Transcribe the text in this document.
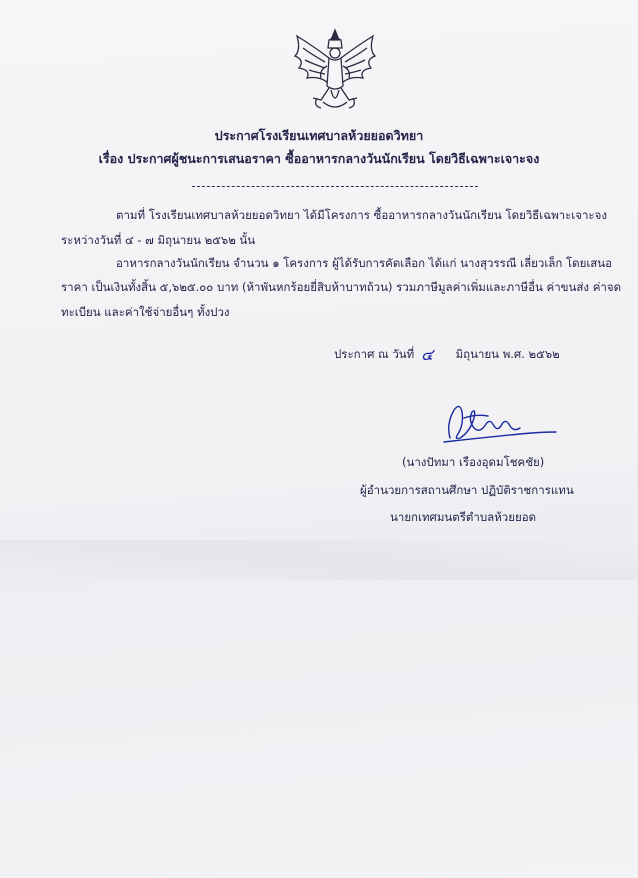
ประกาศโรงเรียนเทศบาลห้วยยอดวิทยา
เรื่อง ประกาศผู้ชนะการเสนอราคา ซื้ออาหารกลางวันนักเรียน โดยวิธีเฉพาะเจาะจง
ตามที่ โรงเรียนเทศบาลห้วยยอดวิทยา ได้มีโครงการ ซื้ออาหารกลางวันนักเรียน โดยวิธีเฉพาะเจาะจง
ระหว่างวันที่ ๔ - ๗ มิถุนายน ๒๕๖๒ นั้น
อาหารกลางวันนักเรียน จำนวน ๑ โครงการ ผู้ได้รับการคัดเลือก ได้แก่ นางสุวรรณี เลี่ยวเล็ก โดยเสนอ
ราคา เป็นเงินทั้งสิ้น ๕,๖๒๕.๐๐ บาท (ห้าพันหกร้อยยี่สิบห้าบาทถ้วน) รวมภาษีมูลค่าเพิ่มและภาษีอื่น ค่าขนส่ง ค่าจด
ทะเบียน และค่าใช้จ่ายอื่นๆ ทั้งปวง
ประกาศ ณ วันที่	มิถุนายน พ.ศ. ๒๕๖๒
๔
(นางปัทมา เรืองอุดมโชคชัย)
ผู้อำนวยการสถานศึกษา ปฏิบัติราชการแทน
นายกเทศมนตรีตำบลห้วยยอด
